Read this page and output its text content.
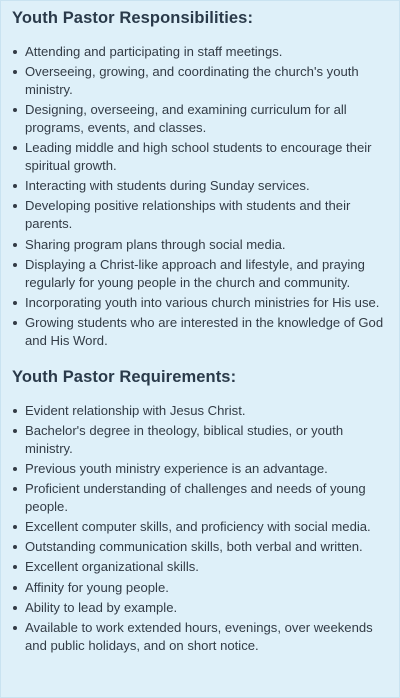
Youth Pastor Responsibilities:
Attending and participating in staff meetings.
Overseeing, growing, and coordinating the church's youth ministry.
Designing, overseeing, and examining curriculum for all programs, events, and classes.
Leading middle and high school students to encourage their spiritual growth.
Interacting with students during Sunday services.
Developing positive relationships with students and their parents.
Sharing program plans through social media.
Displaying a Christ-like approach and lifestyle, and praying regularly for young people in the church and community.
Incorporating youth into various church ministries for His use.
Growing students who are interested in the knowledge of God and His Word.
Youth Pastor Requirements:
Evident relationship with Jesus Christ.
Bachelor's degree in theology, biblical studies, or youth ministry.
Previous youth ministry experience is an advantage.
Proficient understanding of challenges and needs of young people.
Excellent computer skills, and proficiency with social media.
Outstanding communication skills, both verbal and written.
Excellent organizational skills.
Affinity for young people.
Ability to lead by example.
Available to work extended hours, evenings, over weekends and public holidays, and on short notice.
